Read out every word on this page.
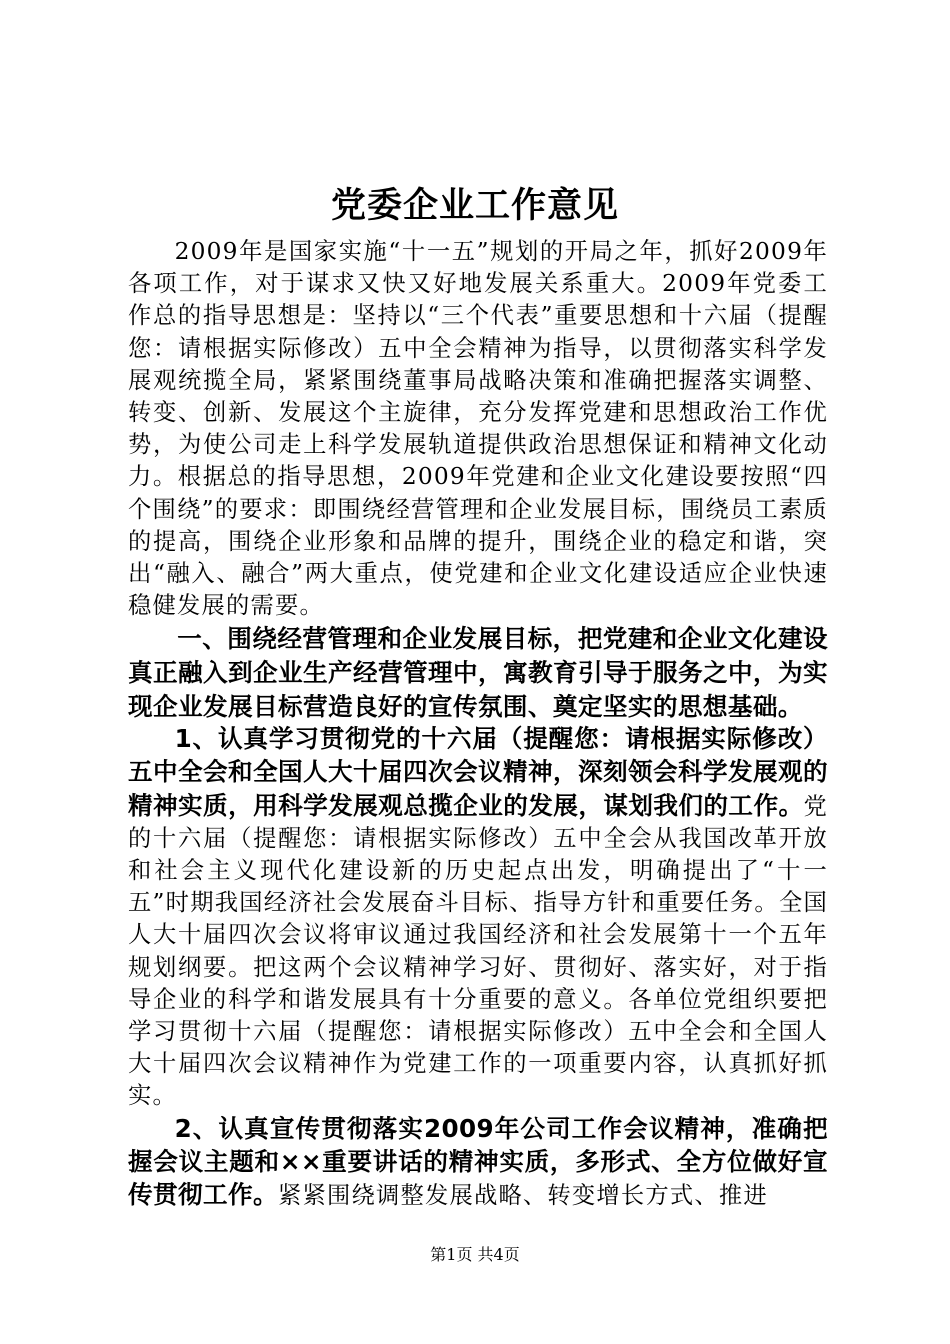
党委企业工作意见

2009年是国家实施“十一五”规划的开局之年，抓好2009年各项工作，对于谋求又快又好地发展关系重大。2009年党委工作总的指导思想是：坚持以“三个代表”重要思想和十六届（提醒您：请根据实际修改）五中全会精神为指导，以贯彻落实科学发展观统揽全局，紧紧围绕董事局战略决策和准确把握落实调整、转变、创新、发展这个主旋律，充分发挥党建和思想政治工作优势，为使公司走上科学发展轨道提供政治思想保证和精神文化动力。根据总的指导思想，2009年党建和企业文化建设要按照“四个围绕”的要求：即围绕经营管理和企业发展目标，围绕员工素质的提高，围绕企业形象和品牌的提升，围绕企业的稳定和谐，突出“融入、融合”两大重点，使党建和企业文化建设适应企业快速稳健发展的需要。

一、围绕经营管理和企业发展目标，把党建和企业文化建设真正融入到企业生产经营管理中，寓教育引导于服务之中，为实现企业发展目标营造良好的宣传氛围、奠定坚实的思想基础。

1、认真学习贯彻党的十六届（提醒您：请根据实际修改）五中全会和全国人大十届四次会议精神，深刻领会科学发展观的精神实质，用科学发展观总揽企业的发展，谋划我们的工作。党的十六届（提醒您：请根据实际修改）五中全会从我国改革开放和社会主义现代化建设新的历史起点出发，明确提出了“十一五”时期我国经济社会发展奋斗目标、指导方针和重要任务。全国人大十届四次会议将审议通过我国经济和社会发展第十一个五年规划纲要。把这两个会议精神学习好、贯彻好、落实好，对于指导企业的科学和谐发展具有十分重要的意义。各单位党组织要把学习贯彻十六届（提醒您：请根据实际修改）五中全会和全国人大十届四次会议精神作为党建工作的一项重要内容，认真抓好抓实。

2、认真宣传贯彻落实2009年公司工作会议精神，准确把握会议主题和××重要讲话的精神实质，多形式、全方位做好宣传贯彻工作。紧紧围绕调整发展战略、转变增长方式、推进

第1页 共4页
